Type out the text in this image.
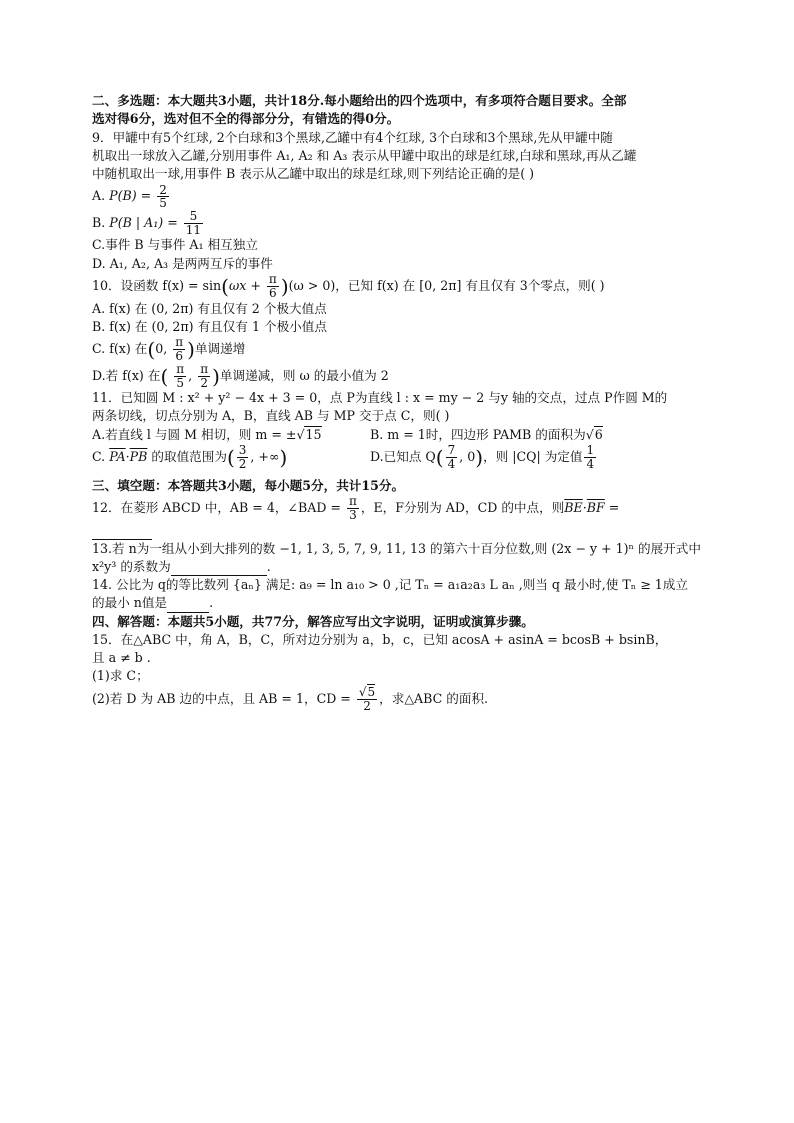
二、多选题：本大题共3小题，共计18分.每小题给出的四个选项中，有多项符合题目要求。全部

选对得6分，选对但不全的得部分分，有错选的得0分。

9．甲罐中有5个红球, 2个白球和3个黑球,乙罐中有4个红球, 3个白球和3个黑球,先从甲罐中随

机取出一球放入乙罐,分别用事件 A₁, A₂ 和 A₃ 表示从甲罐中取出的球是红球,白球和黑球,再从乙罐

中随机取出一球,用事件 B 表示从乙罐中取出的球是红球,则下列结论正确的是( )

A. $P(B) = \frac{2}{5}$

B. P(B | $A_1) = \frac{5}{11}$

C.事件 B 与事件 A₁ 相互独立

D. A₁, A₂, A₃ 是两两互斥的事件

10．设函数 $f(x) = \sin(\omega x + \frac{\pi}{6} )(\omega > 0)$，已知 f(x) 在 [0, 2π] 有且仅有 3个零点，则( )

A. f(x) 在 (0, 2π) 有且仅有 2 个极大值点

B. f(x) 在 (0, 2π) 有且仅有 1 个极小值点

C. f(x) 在(0, $\frac{\pi}{6}$ )单调递增

D.若 f(x) 在( $\frac{\pi}{5}$ , $\frac{\pi}{2}$ )单调递减，则 ω 的最小值为 2

11．已知圆 M : x² + y² − 4x + 3 = 0，点 P为直线 l : x = my − 2 与y 轴的交点，过点 P作圆 M的

两条切线，切点分别为 A，B，直线 AB 与 MP 交于点 C，则( )

A.若直线 l 与圆 M 相切，则 m = ±√15	B. m = 1时，四边形 PAMB 的面积为√6
C. $\overline{PA}\cdot\overline{PB}$ 的取值范围为( $\frac{3}{2}$ , +∞)	D.已知点 $Q( \frac{7}{4}$ , 0)，则 |CQ| 为定值 $\frac{1}{4}$

三、填空题：本答题共3小题，每小题5分，共计15分。

12．在菱形 ABCD 中，AB = 4，∠BAD = $\frac{\pi}{3}$ ，E，F分别为 AD，CD 的中点，则$\overline{BE}\cdot\overline{BF}$ =

13.若 n为一组从小到大排列的数 −1, 1, 3, 5, 7, 9, 11, 13 的第六十百分位数,则 (2x − y + 1)ⁿ 的展开式中

x²y³ 的系数为	.

14. 公比为 q的等比数列 {aₙ} 满足: a₉ = ln a₁₀ > 0 ,记 Tₙ = a₁a₂a₃ L aₙ ,则当 q 最小时,使 Tₙ ≥ 1成立

的最小 n值是	.

四、解答题：本题共5小题，共77分，解答应写出文字说明，证明或演算步骤。

15．在△ABC 中，角 A，B，C，所对边分别为 a，b，c，已知 acosA + asinA = bcosB + bsinB，

且 a ≠ b .

(1)求 C；

(2)若 D 为 AB 边的中点，且 AB = 1，CD = $\frac{√5}{2}$ ，求△ABC 的面积.
